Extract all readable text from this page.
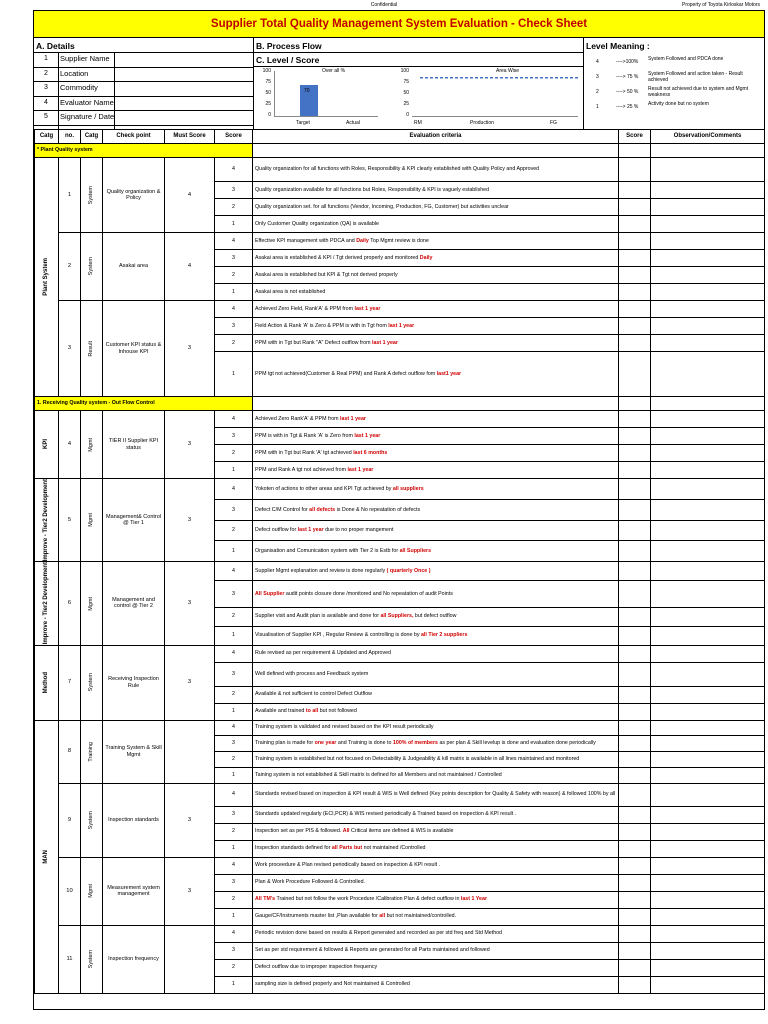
Confidential	Property of Toyota Kirloskar Motors
Supplier Total Quality Management System Evaluation - Check Sheet
A. Details
1	Supplier Name
2	Location
3	Commodity
4	Evaluator Name
5	Signature / Date
B. Process Flow
C. Level / Score
Over all %
100
75
50
25
0
70
Target	Actual
Area Wise
100
75
50
25
0
RM	Production	FG
Level Meaning :
4	---->100% System Followed and PDCA done
3	----> 75 % System Followed and action taken - Result achieved
2	----> 50 % Result not achieved due to system and Mgmt weakness
1	----> 25 % Activity done but no system
Catg	no.	Catg	Check point	Must Score	Score	Evaluation criteria	Score	Observation/Comments
* Plant Quality system								

Plant System	1	System	Quality organization & Policy	4	4	Quality organization for all functions with Roles, Responsibility & KPI clearly established with Quality Policy and Approved		
					3	Quality organization available for all functions but Roles, Responsibility & KPI is vaguely established		
					2	Quality organization set. for all functions (Vendor, Incoming, Production, FG, Customer) but activities unclear		
					1	Only Customer Quality organization (QA) is available		
	2	System	Asakai area	4	4	Effective KPI management with PDCA and Daily Top Mgmt review is done		
					3	Asakai area is established & KPI / Tgt derived properly and monitored Daily		
					2	Asakai area is established but KPI & Tgt not derived properly		
					1	Asakai area is not established		
	3	Result	Customer KPI status & Inhouse KPI	3	4	Achieved Zero Field, Rank'A' & PPM from last 1 year		
					3	Field Action & Rank 'A' is Zero & PPM is with in Tgt from last 1 year		
					2	PPM with in Tgt but Rank "A" Defect outflow from last 1 year		
					1	PPM tgt not achieved(Customer & Real PPM) and Rank A defect outflow fom last1 year		
1. Receiving Quality system - Out Flow Control								

KPI	4	Mgmt	TIER II Supplier KPI status	3	4	Achieved Zero Rank'A' & PPM from last 1 year		
					3	PPM is with in Tgt & Rank 'A' is Zero from last 1 year		
					2	PPM with in Tgt but Rank 'A' tgt achieved last 6 months		
					1	PPM and Rank A tgt not achieved from last 1 year		

Improve - Tier2 Development	5	Mgmt	Management& Control @ Tier 1	3	4	Yokoten of actions to other areas and KPI Tgt achieved by all suppliers		
					3	Defect C/M Control for all defects is Done & No repeatation of defects		
					2	Defect outflow for last 1 year due to no proper mangement		
					1	Organisation and Comunication system with Tier 2 is Estb for all Suppliers		

Improve - Tier2 Development	6	Mgmt	Management and control @ Tier 2	3	4	Supplier Mgmt explanation and review is done regularly ( quarterly Once )		
					3	All Supplier audit points closure done /monitored and No repeatation of audit Points		
					2	Supplier visit and Audit plan is available and done for all Suppliers, but defect outflow		
					1	Visualisation of Supplier KPI , Regular Review & controlling is done by all Tier 2 suppliers		

Method	7	System	Receiving Inspection Rule	3	4	Rule revised as per requirement & Updated and Approved		
					3	Well defined with process and Feedback system		
					2	Available & not sufficient to control Defect Outflow		
					1	Available and trained to all but not followed		

MAN	8	Training	Training System & Skill Mgmt		4	Training system is validated and revised based on the KPI result periodically		
					3	Training plan is made for one year and Training is done to 100% of members as per plan & Skill levelup is done and evaluation done periodically		
					2	Training system is established but not focused on Detectability & Judgeability & kill matrix is available in all lines maintained and monitored		
					1	Taining system is not established & Skill matrix is defined for all Members and not maintained / Controlled		
	9	System	Inspection standards	3	4	Standards revised based on inspection & KPI result & WIS is Well defined (Key points description for Quality & Safety with reason) & followed 100% by all		
					3	Standards updated regularly (ECI,PCR) & WIS revised periodically & Trained based on inspection & KPI result .		
					2	Inspection set as per PIS & followed. All Critical items are defined & WIS is available		
					1	Inspection standards defined for all Parts but not maintained /Controlled		
	10	Mgmt	Measurement system management	3	4	Work proceedure & Plan revised periodically based on inspection & KPI result .		
					3	Plan & Work Procedure Followed & Controlled.		
					2	All TM's Trained but not follow the work Procedure /Calibration Plan & defect outflow in last 1 Year		
					1	Gauge/CF/Instruments master list ,Plan available for all but not maintained/controlled.		
	11	System	Inspection frequency		4	Periodic revision done based on results & Report generated and recorded as per std freq and Std Method		
					3	Set as per std requirement & followed & Reports are generated for all Parts maintained and followed		
					2	Defect outflow due to improper inspection frequency		
					1	sampling size is defined properly and Not maintained & Controlled		
